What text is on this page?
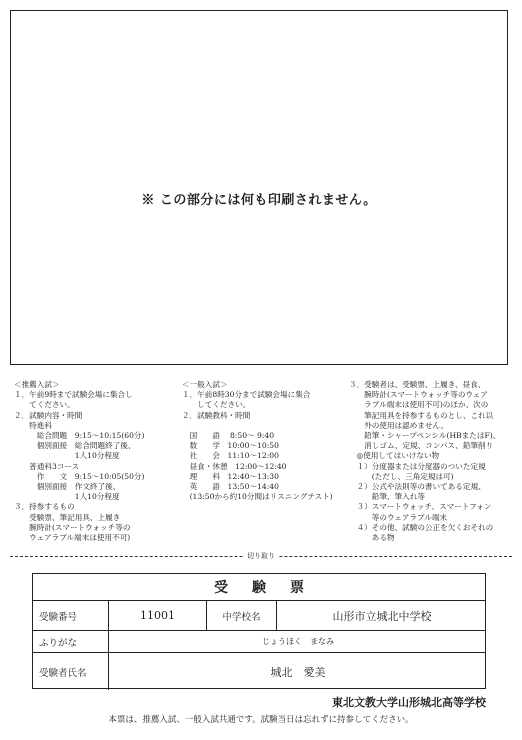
※ この部分には何も印刷されません。
＜推薦入試＞
１．午前9時まで試験会場に集合し
　　てください。
２．試験内容・時間
　　特進科
　　　総合問題　9:15～10:15(60分)
　　　個別面接　総合問題終了後、
　　　　　　　　1人10分程度
　　普通科3コース
　　　作　　文　9:15～10:05(50分)
　　　個別面接　作文終了後、
　　　　　　　　1人10分程度
３．持参するもの
　　受験票、筆記用具、上履き
　　腕時計(スマートウォッチ等の
　　ウェアラブル端末は使用不可)
＜一般入試＞
１．午前8時30分まで試験会場に集合
　　してください。
２．試験教科・時間

　国　　語　 8:50～ 9:40
　数　　学　10:00～10:50
　社　　会　11:10～12:00
　昼食・休憩　12:00～12:40
　理　　科　12:40～13:30
　英　　語　13:50～14:40
　(13:50から約10分間はリスニングテスト)
３．受験者は、受験票、上履き、昼食、
　　腕時計(スマートウォッチ等のウェア
　　ラブル端末は使用不可)のほか、次の
　　筆記用具を持参するものとし、これ以
　　外の使用は認めません。
　　鉛筆・シャープペンシル(HBまたはF)、
　　消しゴム、定規、コンパス、鉛筆削り
　◎使用してはいけない物
　１）分度器または分度器のついた定規
　　　(ただし、三角定規は可)
　２）公式や法則等の書いてある定規、
　　　鉛筆、筆入れ等
　３）スマートウォッチ、スマートフォン
　　　等のウェアラブル端末
　４）その他、試験の公正を欠くおそれの
　　　ある物
切り取り
受験票
受験番号	11001	中学校名	山形市立城北中学校
ふりがな	じょうほく　まなみ
受験者氏名	城北　愛美
東北文教大学山形城北高等学校
本票は、推薦入試、一般入試共通です。試験当日は忘れずに持参してください。
